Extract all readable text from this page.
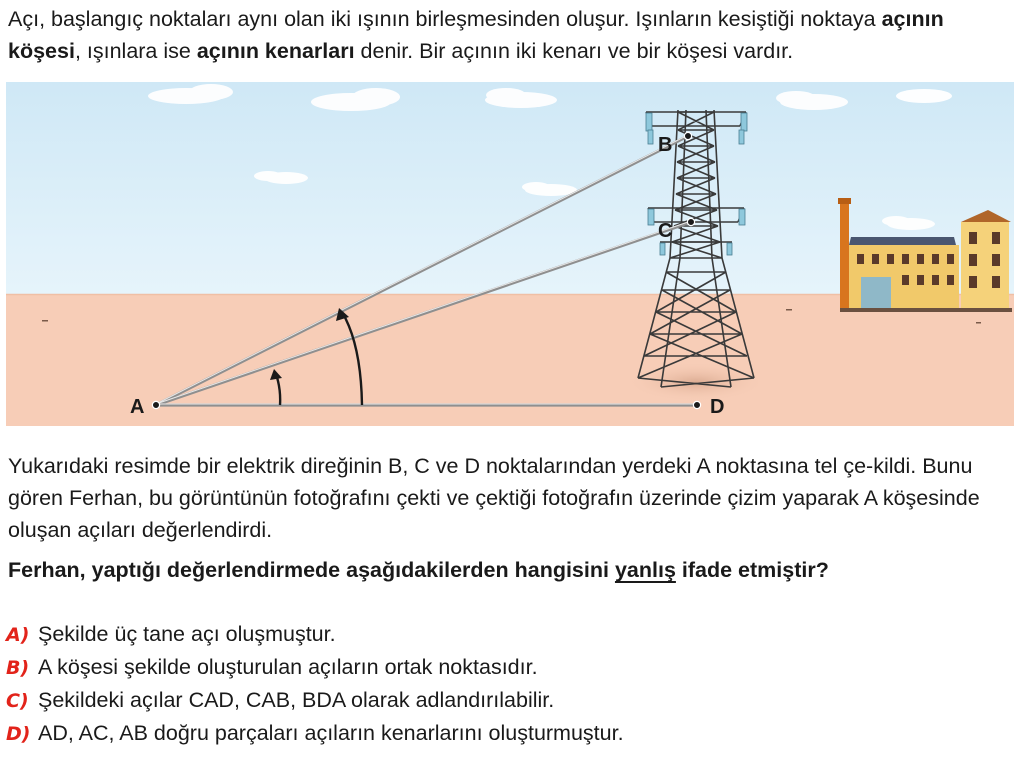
Açı, başlangıç noktaları aynı olan iki ışının birleşmesinden oluşur. Işınların kesiştiği noktaya açının köşesi, ışınlara ise açının kenarları denir. Bir açının iki kenarı ve bir köşesi vardır.

A
B
C
D

Yukarıdaki resimde bir elektrik direğinin B, C ve D noktalarından yerdeki A noktasına tel çe-kildi. Bunu gören Ferhan, bu görüntünün fotoğrafını çekti ve çektiği fotoğrafın üzerinde çizim yaparak A köşesinde oluşan açıları değerlendirdi.

Ferhan, yaptığı değerlendirmede aşağıdakilerden hangisini yanlış ifade etmiştir?

A) Şekilde üç tane açı oluşmuştur.
B) A köşesi şekilde oluşturulan açıların ortak noktasıdır.
C) Şekildeki açılar CAD, CAB, BDA olarak adlandırılabilir.
D) AD, AC, AB doğru parçaları açıların kenarlarını oluşturmuştur.
